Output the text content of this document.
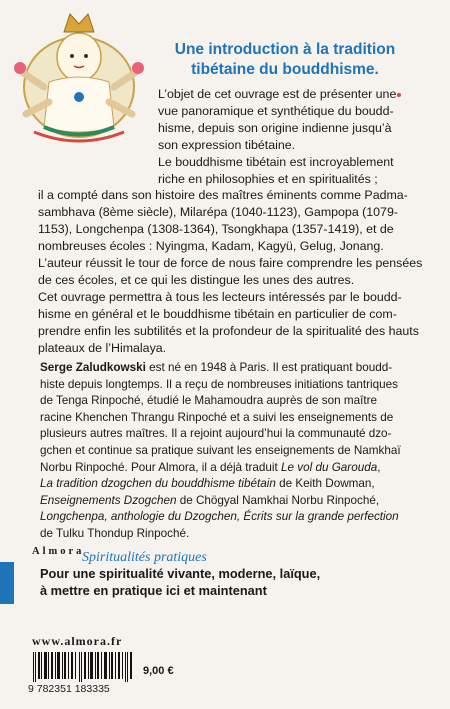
Une introduction à la tradition
tibétaine du bouddhisme.

L’objet de cet ouvrage est de présenter une
vue panoramique et synthétique du boudd-
hisme, depuis son origine indienne jusqu’à
son expression tibétaine.
Le bouddhisme tibétain est incroyablement
riche en philosophies et en spiritualités ;
il a compté dans son histoire des maîtres éminents comme Padma-
sambhava (8ème siècle), Milarépa (1040-1123), Gampopa (1079-
1153), Longchenpa (1308-1364), Tsongkhapa (1357-1419), et de
nombreuses écoles : Nyingma, Kadam, Kagyü, Gelug, Jonang.
L’auteur réussit le tour de force de nous faire comprendre les pensées
de ces écoles, et ce qui les distingue les unes des autres.
Cet ouvrage permettra à tous les lecteurs intéressés par le boudd-
hisme en général et le bouddhisme tibétain en particulier de com-
prendre enfin les subtilités et la profondeur de la spiritualité des hauts
plateaux de l’Himalaya.

Serge Zaludkowski est né en 1948 à Paris. Il est pratiquant boudd-
histe depuis longtemps. Il a reçu de nombreuses initiations tantriques
de Tenga Rinpoché, étudié le Mahamoudra auprès de son maître
racine Khenchen Thrangu Rinpoché et a suivi les enseignements de
plusieurs autres maîtres. Il a rejoint aujourd’hui la communauté dzo-
gchen et continue sa pratique suivant les enseignements de Namkhaï
Norbu Rinpoché. Pour Almora, il a déjà traduit Le vol du Garouda,
La tradition dzogchen du bouddhisme tibétain de Keith Dowman,
Enseignements Dzogchen de Chögyal Namkhai Norbu Rinpoché,
Longchenpa, anthologie du Dzogchen, Écrits sur la grande perfection
de Tulku Thondup Rinpoché.

Almora
Spiritualités pratiques

Pour une spiritualité vivante, moderne, laïque,
à mettre en pratique ici et maintenant

www.almora.fr
9 782351 183335
9,00 €
